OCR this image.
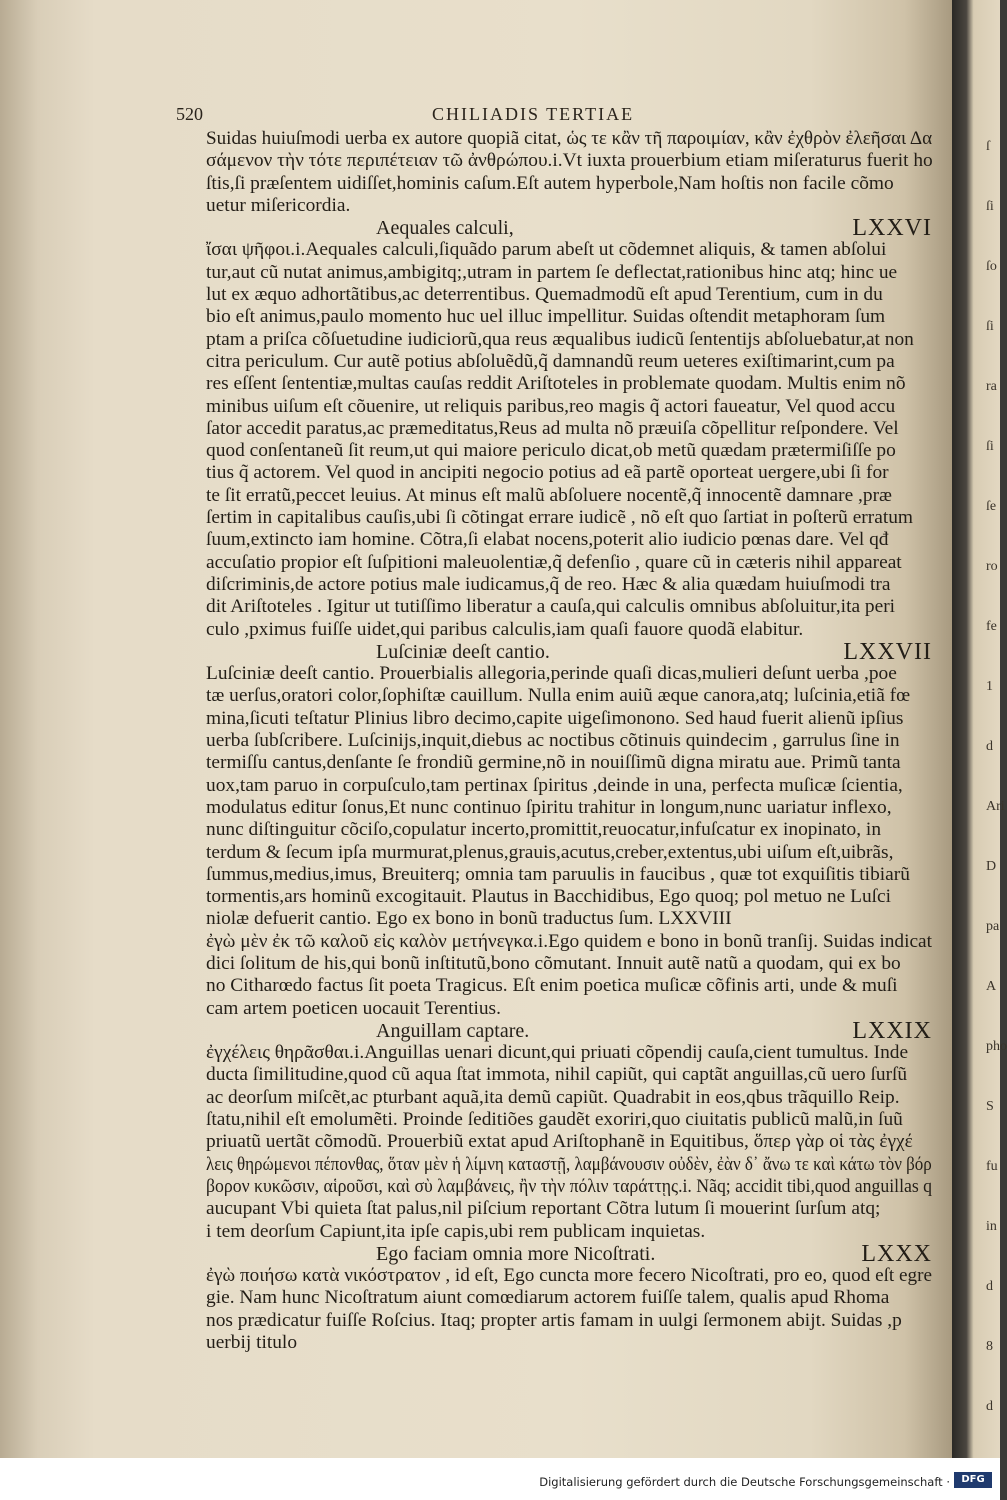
520	CHILIADIS TERTIAE
Suidas huiuſmodi uerba ex autore quopiã citat, ὡς τε κἂν τῆ παροιμίαν, κἂν ἐχθρὸν ἐλεῆσαι Δα
σάμενον τὴν τότε περιπέτειαν τῶ ἀνθρώπου.i.Vt iuxta prouerbium etiam miſeraturus fuerit ho
ſtis,ſi præſentem uidiſſet,hominis caſum.Eſt autem hyperbole,Nam hoſtis non facile cõmo
uetur miſericordia.
Aequales calculi,	LXXVI
ἴσαι ψῆφοι.i.Aequales calculi,ſiquãdo parum abeſt ut cõdemnet aliquis, & tamen abſolui
tur,aut cũ nutat animus,ambigitq;,utram in partem ſe deflectat,rationibus hinc atq; hinc ue
lut ex æquo adhortãtibus,ac deterrentibus. Quemadmodũ eſt apud Terentium, cum in du
bio eſt animus,paulo momento huc uel illuc impellitur. Suidas oſtendit metaphoram ſum
ptam a priſca cõſuetudine iudiciorũ,qua reus æqualibus iudicũ ſententijs abſoluebatur,at non
citra periculum. Cur autẽ potius abſoluẽdũ,q̃ damnandũ reum ueteres exiſtimarint,cum pa
res eſſent ſententiæ,multas cauſas reddit Ariſtoteles in problemate quodam. Multis enim nõ
minibus uiſum eſt cõuenire, ut reliquis paribus,reo magis q̃ actori faueatur, Vel quod accu
ſator accedit paratus,ac præmeditatus,Reus ad multa nõ præuiſa cõpellitur reſpondere. Vel
quod conſentaneũ ſit reum,ut qui maiore periculo dicat,ob metũ quædam prætermiſiſſe po
tius q̃ actorem. Vel quod in ancipiti negocio potius ad eã partẽ oporteat uergere,ubi ſi for
te ſit erratũ,peccet leuius. At minus eſt malũ abſoluere nocentẽ,q̃ innocentẽ damnare ,præ
ſertim in capitalibus cauſis,ubi ſi cõtingat errare iudicẽ , nõ eſt quo ſartiat in poſterũ erratum
ſuum,extincto iam homine. Cõtra,ſi elabat nocens,poterit alio iudicio pœnas dare. Vel qđ
accuſatio propior eſt ſuſpitioni maleuolentiæ,q̃ defenſio , quare cũ in cæteris nihil appareat
diſcriminis,de actore potius male iudicamus,q̃ de reo. Hæc & alia quædam huiuſmodi tra
dit Ariſtoteles . Igitur ut tutiſſimo liberatur a cauſa,qui calculis omnibus abſoluitur,ita peri
culo ,pximus fuiſſe uidet,qui paribus calculis,iam quaſi fauore quodã elabitur.
Luſciniæ deeſt cantio.	LXXVII
Luſciniæ deeſt cantio. Prouerbialis allegoria,perinde quaſi dicas,mulieri deſunt uerba ,poe
tæ uerſus,oratori color,ſophiſtæ cauillum. Nulla enim auiũ æque canora,atq; luſcinia,etiã fœ
mina,ſicuti teſtatur Plinius libro decimo,capite uigeſimonono. Sed haud fuerit alienũ ipſius
uerba ſubſcribere. Luſcinijs,inquit,diebus ac noctibus cõtinuis quindecim , garrulus ſine in
termiſſu cantus,denſante ſe frondiũ germine,nõ in nouiſſimũ digna miratu aue. Primũ tanta
uox,tam paruo in corpuſculo,tam pertinax ſpiritus ,deinde in una, perfecta muſicæ ſcientia,
modulatus editur ſonus,Et nunc continuo ſpiritu trahitur in longum,nunc uariatur inflexo,
nunc diſtinguitur cõciſo,copulatur incerto,promittit,reuocatur,infuſcatur ex inopinato, in
terdum & ſecum ipſa murmurat,plenus,grauis,acutus,creber,extentus,ubi uiſum eſt,uibrãs,
ſummus,medius,imus, Breuiterq; omnia tam paruulis in faucibus , quæ tot exquiſitis tibiarũ
tormentis,ars hominũ excogitauit. Plautus in Bacchidibus, Ego quoq; pol metuo ne Luſci
niolæ defuerit cantio. Ego ex bono in bonũ traductus ſum. LXXVIII
ἐγὼ μὲν ἐκ τῶ καλοῦ εἰς καλὸν μετήνεγκα.i.Ego quidem e bono in bonũ tranſij. Suidas indicat
dici ſolitum de his,qui bonũ inſtitutũ,bono cõmutant. Innuit autẽ natũ a quodam, qui ex bo
no Citharœdo factus ſit poeta Tragicus. Eſt enim poetica muſicæ cõfinis arti, unde & muſi
cam artem poeticen uocauit Terentius.
Anguillam captare.	LXXIX
ἐγχέλεις θηρᾶσθαι.i.Anguillas uenari dicunt,qui priuati cõpendij cauſa,cient tumultus. Inde
ducta ſimilitudine,quod cũ aqua ſtat immota, nihil capiũt, qui captãt anguillas,cũ uero ſurſũ
ac deorſum miſcẽt,ac pturbant aquã,ita demũ capiũt. Quadrabit in eos,qbus trãquillo Reip.
ſtatu,nihil eſt emolumẽti. Proinde ſeditiões gaudẽt exoriri,quo ciuitatis publicũ malũ,in ſuũ
priuatũ uertãt cõmodũ. Prouerbiũ extat apud Ariſtophanẽ in Equitibus, ὅπερ γὰρ οἱ τὰς ἐγχέ
λεις θηρώμενοι πέπονθας, ὅταν μὲν ἡ λίμνη καταστῇ, λαμβάνουσιν οὐδὲν, ἐὰν δ᾽ ἄνω τε καὶ κάτω τὸν βόρ
βορον κυκῶσιν, αἱροῦσι, καὶ σὺ λαμβάνεις, ἢν τὴν πόλιν ταράττῃς.i. Nãq; accidit tibi,quod anguillas q
aucupant Vbi quieta ſtat palus,nil piſcium reportant Cõtra lutum ſi mouerint ſurſum atq;
i tem deorſum Capiunt,ita ipſe capis,ubi rem publicam inquietas.
Ego faciam omnia more Nicoſtrati.	LXXX
ἐγὼ ποιήσω κατὰ νικόστρατον , id eſt, Ego cuncta more fecero Nicoſtrati, pro eo, quod eſt egre
gie. Nam hunc Nicoſtratum aiunt comœdiarum actorem fuiſſe talem, qualis apud Rhoma
nos prædicatur fuiſſe Roſcius. Itaq; propter artis famam in uulgi ſermonem abijt. Suidas ,p
uerbij titulo
ſ
ſi
ſo
ſi
ra
ſi
ſe
ro
fe
1
d
Ari
D
pa
A
pho
S
fu
in
d
8
d
Digitalisierung gefördert durch die Deutsche Forschungsgemeinschaft ·	DFG
